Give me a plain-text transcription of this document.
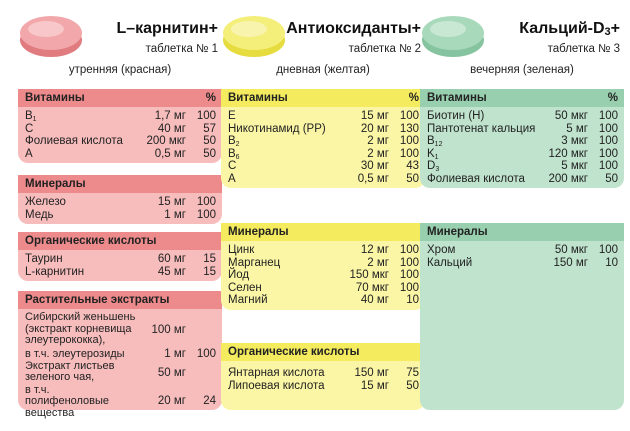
L–карнитин+
таблетка № 1
утренняя (красная)
Витамины	%
$B_1$	1,7 мг 100
C	40 мг 57
Фолиевая кислота 200 мкг 50
A	0,5 мг 50
Минералы
Железо	15 мг 100
Медь	1 мг 100
Органические кислоты
Таурин	60 мг 15
L-карнитин	45 мг 15
Растительные экстракты
Сибирский женьшень (экстракт корневища элеутерококка),
100 мг
в т.ч. элеутерозиды	1 мг 100
Экстракт листьев зеленого чая,	50 мг
в т.ч. полифеноловые вещества
20 мг 24
Антиоксиданты+
таблетка № 2
дневная (желтая)
Витамины	%
E	15 мг 100
Никотинамид (PP)	20 мг 130
$B_2$	2 мг 100
$B_6$	2 мг 100
C	30 мг 43
A	0,5 мг 50
Минералы
Цинк	12 мг 100
Марганец	2 мг 100
Йод	150 мкг 100
Селен	70 мкг 100
Магний	40 мг 10
Органические кислоты
Янтарная кислота	150 мг 75
Липоевая кислота	15 мг 50
Кальций-$D_3+$
таблетка № 3
вечерняя (зеленая)
Витамины	%
Биотин (H)	50 мкг 100
Пантотенат кальция	5 мг 100
$B_{12}$	3 мкг 100
$K_1$	120 мкг 100
$D_3$	5 мкг 100
Фолиевая кислота 200 мкг 50
Минералы
Хром	50 мкг 100
Кальций	150 мг 10
